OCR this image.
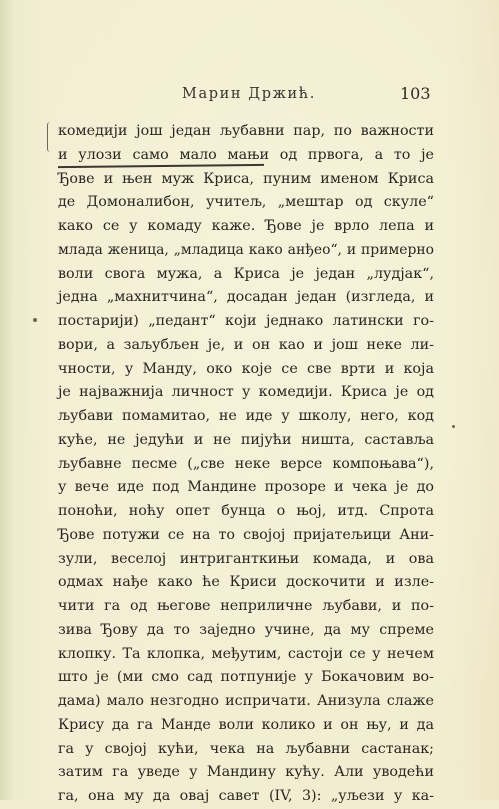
Марин Држић.	103
комедији још један љубавни пар, по важности
и улози само мало мањи од првога, а то је
Ђове и њен муж Криса, пуним именом Криса
де Домоналибон, учитељ, „мештар од скуле“
како се у комаду каже. Ђове је врло лепа и
млада женица, „младица како анђео“, и примерно
воли свога мужа, а Криса је један „лудјак“,
једна „махнитчина“, досадан један (изгледа, и
постарији) „педант“ који једнако латински го-
вори, а заљубљен је, и он као и још неке ли-
чности, у Манду, око које се све врти и која
је најважнија личност у комедији. Криса је од
љубави помамитао, не иде у школу, него, код
куће, не једући и не пијући ништа, саставља
љубавне песме („све неке версе компоњава“),
у вече иде под Мандине прозоре и чека је до
поноћи, ноћу опет бунца о њој, итд. Спрота
Ђове потужи се на то својој пријатељици Ани-
зули, веселој интриганткињи комада, и ова
одмах нађе како ће Криси доскочити и изле-
чити га од његове неприличне љубави, и по-
зива Ђову да то заједно учине, да му спреме
клопку. Та клопка, међутим, састоји се у нечем
што је (ми смо сад потпуније у Бокачовим во-
дама) мало незгодно испричати. Анизула слаже
Крису да га Манде воли колико и он њу, и да
га у својој кући, чека на љубавни састанак;
затим га уведе у Мандину кућу. Али уводећи
га, она му да овај савет (IV, 3): „уљези у ка-
